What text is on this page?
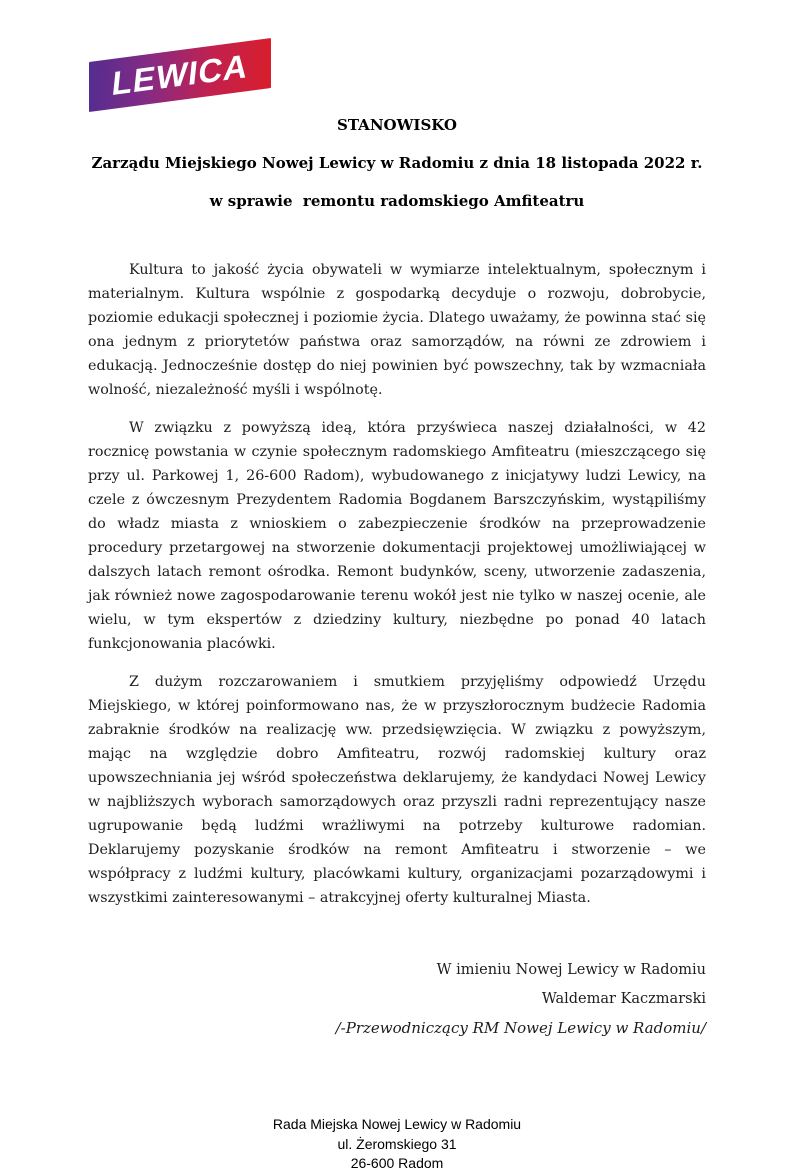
LEWICA
STANOWISKO
Zarządu Miejskiego Nowej Lewicy w Radomiu z dnia 18 listopada 2022 r.
w sprawie  remontu radomskiego Amfiteatru

Kultura to jakość życia obywateli w wymiarze intelektualnym, społecznym i materialnym. Kultura wspólnie z gospodarką decyduje o rozwoju, dobrobycie, poziomie edukacji społecznej i poziomie życia. Dlatego uważamy, że powinna stać się ona jednym z priorytetów państwa oraz samorządów, na równi ze zdrowiem i edukacją. Jednocześnie dostęp do niej powinien być powszechny, tak by wzmacniała wolność, niezależność myśli i wspólnotę.

W związku z powyższą ideą, która przyświeca naszej działalności, w 42 rocznicę powstania w czynie społecznym radomskiego Amfiteatru (mieszczącego się przy ul. Parkowej 1, 26-600 Radom), wybudowanego z inicjatywy ludzi Lewicy, na czele z ówczesnym Prezydentem Radomia Bogdanem Barszczyńskim, wystąpiliśmy do władz miasta z wnioskiem o zabezpieczenie środków na przeprowadzenie procedury przetargowej na stworzenie dokumentacji projektowej umożliwiającej w dalszych latach remont ośrodka. Remont budynków, sceny, utworzenie zadaszenia, jak również nowe zagospodarowanie terenu wokół jest nie tylko w naszej ocenie, ale wielu, w tym ekspertów z dziedziny kultury, niezbędne po ponad 40 latach funkcjonowania placówki.

Z dużym rozczarowaniem i smutkiem przyjęliśmy odpowiedź Urzędu Miejskiego, w której poinformowano nas, że w przyszłorocznym budżecie Radomia zabraknie środków na realizację ww. przedsięwzięcia. W związku z powyższym, mając na względzie dobro Amfiteatru, rozwój radomskiej kultury oraz upowszechniania jej wśród społeczeństwa deklarujemy, że kandydaci Nowej Lewicy w najbliższych wyborach samorządowych oraz przyszli radni reprezentujący nasze ugrupowanie będą ludźmi wrażliwymi na potrzeby kulturowe radomian. Deklarujemy pozyskanie środków na remont Amfiteatru i stworzenie – we współpracy z ludźmi kultury, placówkami kultury, organizacjami pozarządowymi i wszystkimi zainteresowanymi – atrakcyjnej oferty kulturalnej Miasta.

W imieniu Nowej Lewicy w Radomiu
Waldemar Kaczmarski
/-Przewodniczący RM Nowej Lewicy w Radomiu/
Rada Miejska Nowej Lewicy w Radomiu
ul. Żeromskiego 31
26-600 Radom
